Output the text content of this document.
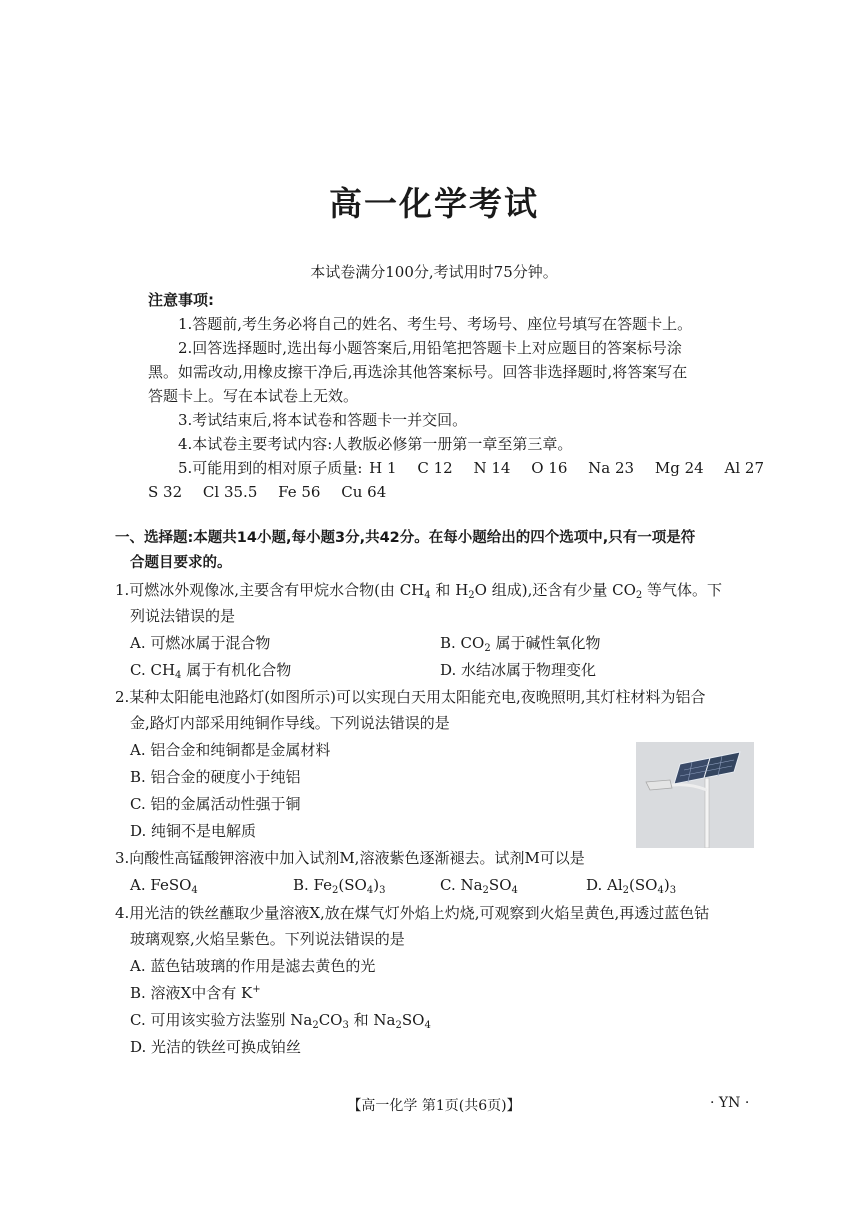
高一化学考试
本试卷满分100分,考试用时75分钟。
注意事项:
1.答题前,考生务必将自己的姓名、考生号、考场号、座位号填写在答题卡上。
2.回答选择题时,选出每小题答案后,用铅笔把答题卡上对应题目的答案标号涂
黑。如需改动,用橡皮擦干净后,再选涂其他答案标号。回答非选择题时,将答案写在
答题卡上。写在本试卷上无效。
3.考试结束后,将本试卷和答题卡一并交回。
4.本试卷主要考试内容:人教版必修第一册第一章至第三章。
5.可能用到的相对原子质量: H 1 C 12 N 14 O 16 Na 23 Mg 24 Al 27
S 32 Cl 35.5 Fe 56 Cu 64
一、选择题:本题共14小题,每小题3分,共42分。在每小题给出的四个选项中,只有一项是符
合题目要求的。
1.可燃冰外观像冰,主要含有甲烷水合物(由 $CH_4$ 和 $H_2O$ 组成),还含有少量 $CO_2$ 等气体。下
列说法错误的是
A. 可燃冰属于混合物	B. $CO_2$ 属于碱性氧化物
C. $CH_4$ 属于有机化合物	D. 水结冰属于物理变化
2.某种太阳能电池路灯(如图所示)可以实现白天用太阳能充电,夜晚照明,其灯柱材料为铝合
金,路灯内部采用纯铜作导线。下列说法错误的是
A. 铝合金和纯铜都是金属材料
B. 铝合金的硬度小于纯铝
C. 铝的金属活动性强于铜
D. 纯铜不是电解质
3.向酸性高锰酸钾溶液中加入试剂M,溶液紫色逐渐褪去。试剂M可以是
A. FeSO$_4$	B. $Fe_2(SO_4)_3$	C. $Na_2SO_4$	D. $Al_2(SO_4)_3$
4.用光洁的铁丝蘸取少量溶液X,放在煤气灯外焰上灼烧,可观察到火焰呈黄色,再透过蓝色钴
玻璃观察,火焰呈紫色。下列说法错误的是
A. 蓝色钴玻璃的作用是滤去黄色的光
B. 溶液X中含有 K+
C. 可用该实验方法鉴别 $Na_2CO_3$ 和 $Na_2SO_4$
D. 光洁的铁丝可换成铂丝
【高一化学 第1页(共6页)】	· YN ·
